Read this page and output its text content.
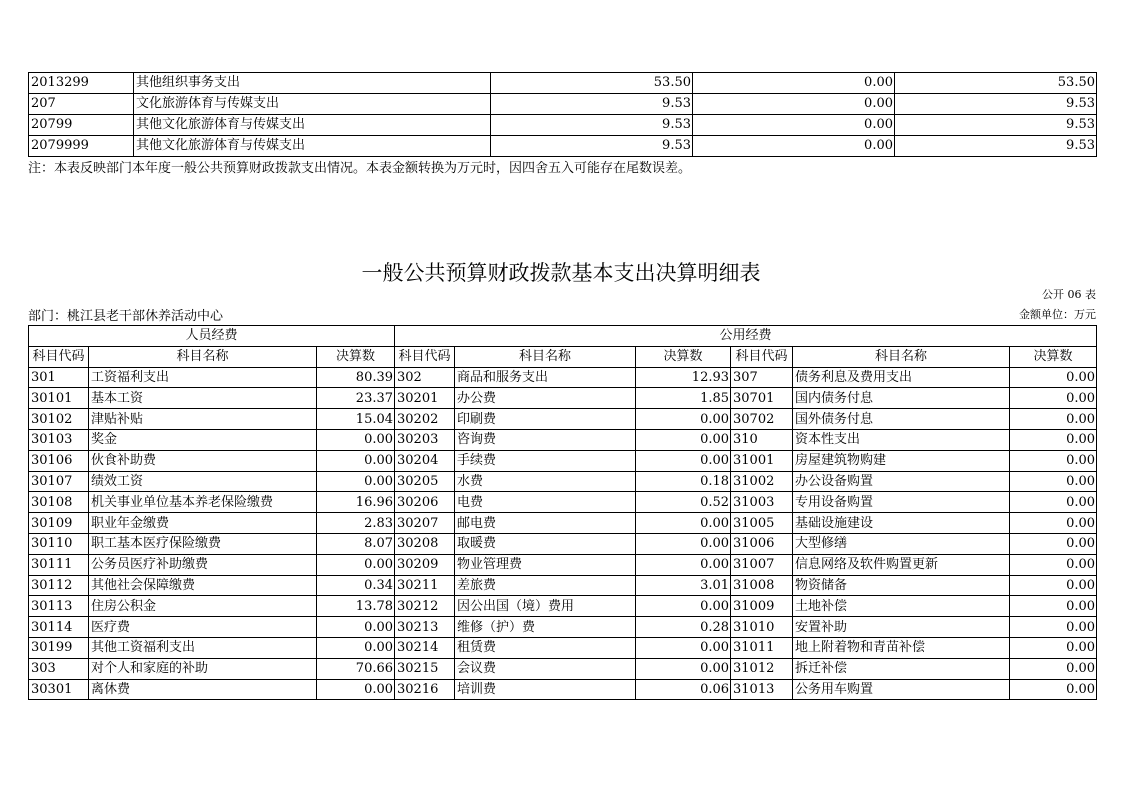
2013299	其他组织事务支出	53.50	0.00	53.50
207	文化旅游体育与传媒支出	9.53	0.00	9.53
20799	其他文化旅游体育与传媒支出	9.53	0.00	9.53
2079999	其他文化旅游体育与传媒支出	9.53	0.00	9.53
注：本表反映部门本年度一般公共预算财政拨款支出情况。本表金额转换为万元时，因四舍五入可能存在尾数误差。
一般公共预算财政拨款基本支出决算明细表
公开 06 表
部门：桃江县老干部休养活动中心	金额单位：万元
人员经费			公用经费					
科目代码	科目名称	决算数	科目代码	科目名称	决算数	科目代码	科目名称	决算数
301	工资福利支出	80.39	302	商品和服务支出	12.93	307	债务利息及费用支出	0.00
30101	基本工资	23.37	30201	办公费	1.85	30701	国内债务付息	0.00
30102	津贴补贴	15.04	30202	印刷费	0.00	30702	国外债务付息	0.00
30103	奖金	0.00	30203	咨询费	0.00	310	资本性支出	0.00
30106	伙食补助费	0.00	30204	手续费	0.00	31001	房屋建筑物购建	0.00
30107	绩效工资	0.00	30205	水费	0.18	31002	办公设备购置	0.00
30108	机关事业单位基本养老保险缴费	16.96	30206	电费	0.52	31003	专用设备购置	0.00
30109	职业年金缴费	2.83	30207	邮电费	0.00	31005	基础设施建设	0.00
30110	职工基本医疗保险缴费	8.07	30208	取暖费	0.00	31006	大型修缮	0.00
30111	公务员医疗补助缴费	0.00	30209	物业管理费	0.00	31007	信息网络及软件购置更新	0.00
30112	其他社会保障缴费	0.34	30211	差旅费	3.01	31008	物资储备	0.00
30113	住房公积金	13.78	30212	因公出国（境）费用	0.00	31009	土地补偿	0.00
30114	医疗费	0.00	30213	维修（护）费	0.28	31010	安置补助	0.00
30199	其他工资福利支出	0.00	30214	租赁费	0.00	31011	地上附着物和青苗补偿	0.00
303	对个人和家庭的补助	70.66	30215	会议费	0.00	31012	拆迁补偿	0.00
30301	离休费	0.00	30216	培训费	0.06	31013	公务用车购置	0.00
